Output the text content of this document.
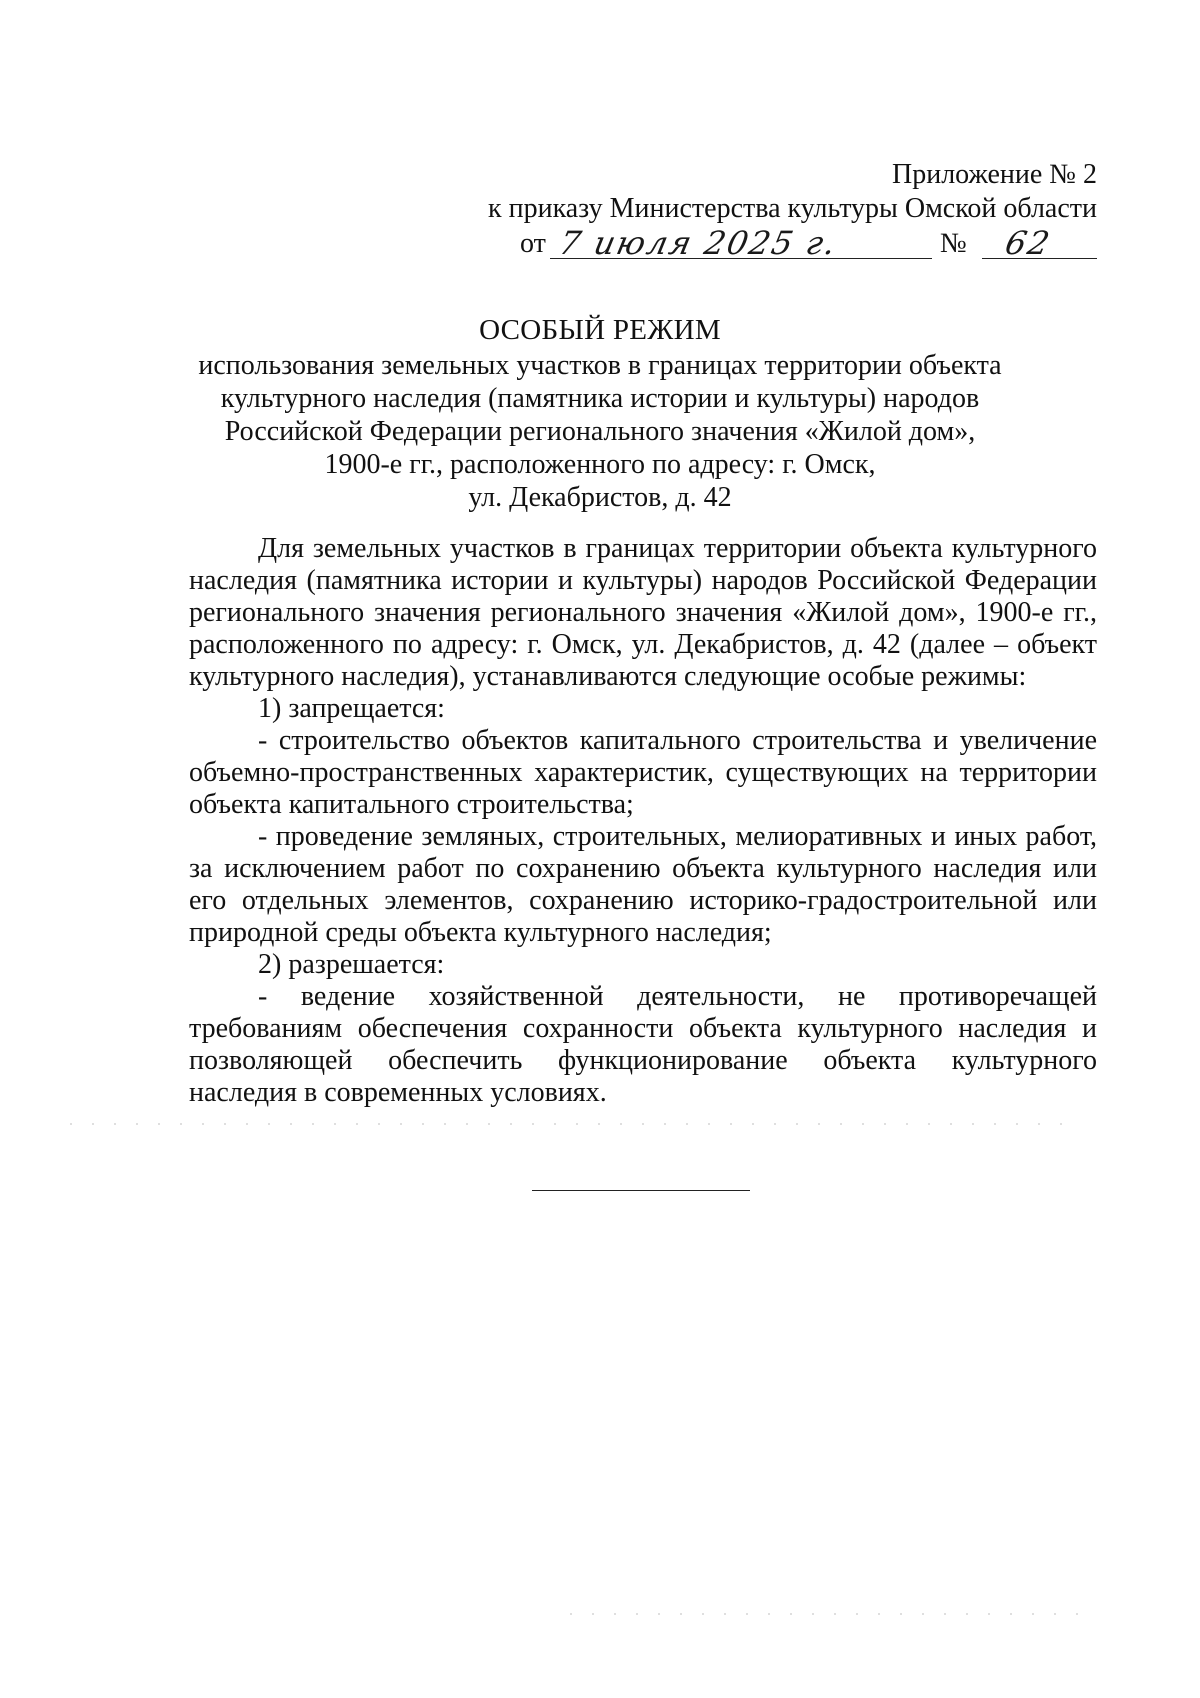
Приложение № 2
к приказу Министерства культуры Омской области
от 7 июля 2025 г.	№ 62
ОСОБЫЙ РЕЖИМ
использования земельных участков в границах территории объекта
культурного наследия (памятника истории и культуры) народов
Российской Федерации регионального значения «Жилой дом»,
1900-е гг., расположенного по адресу: г. Омск,
ул. Декабристов, д. 42

Для земельных участков в границах территории объекта культурного наследия (памятника истории и культуры) народов Российской Федерации регионального значения регионального значения «Жилой дом», 1900-е гг., расположенного по адресу: г. Омск, ул. Декабристов, д. 42 (далее – объект культурного наследия), устанавливаются следующие особые режимы:

1) запрещается:

- строительство объектов капитального строительства и увеличение объемно-пространственных характеристик, существующих на территории объекта капитального строительства;

- проведение земляных, строительных, мелиоративных и иных работ, за исключением работ по сохранению объекта культурного наследия или его отдельных элементов, сохранению историко-градостроительной или природной среды объекта культурного наследия;

2) разрешается:

- ведение хозяйственной деятельности, не противоречащей требованиям обеспечения сохранности объекта культурного наследия и позволяющей обеспечить функционирование объекта культурного наследия в современных условиях.
